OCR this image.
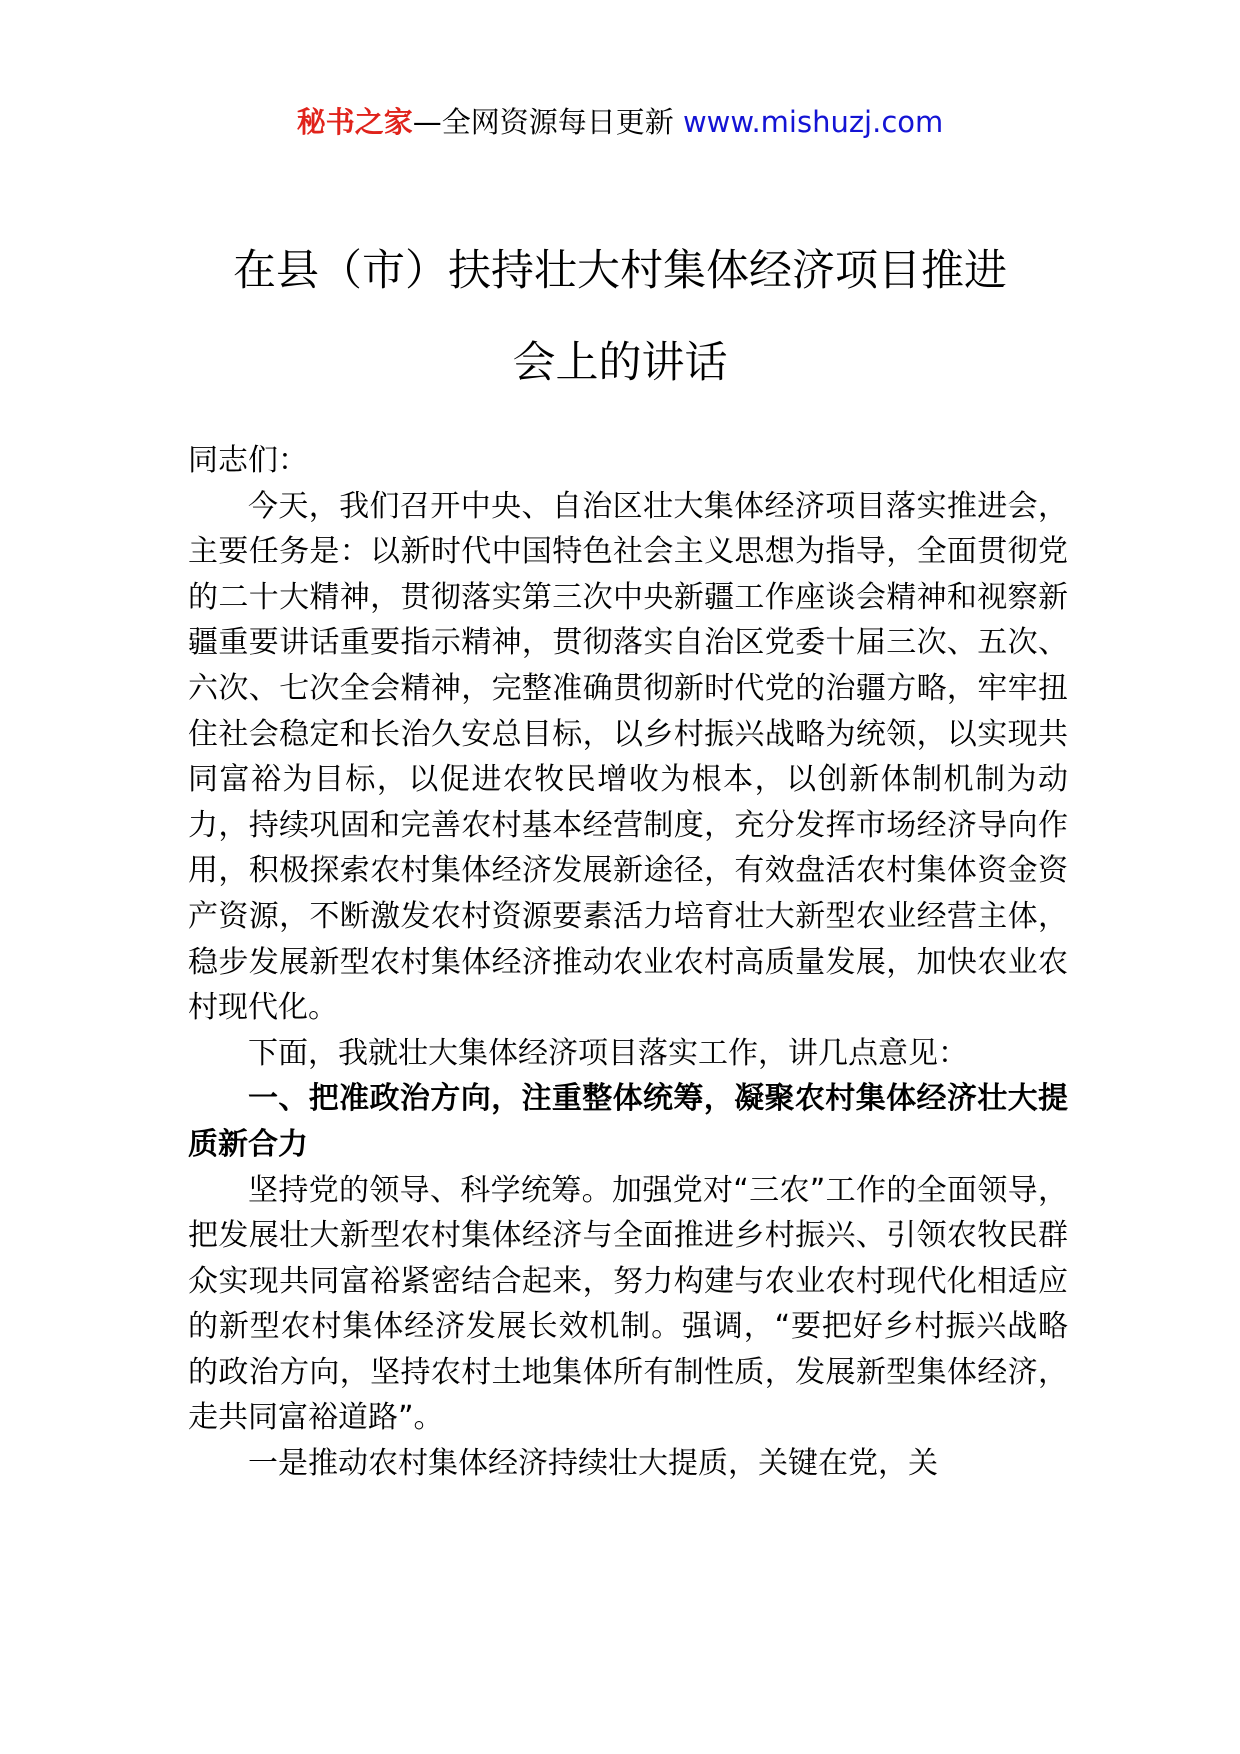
秘书之家—全网资源每日更新 www.mishuzj.com
在县（市）扶持壮大村集体经济项目推进
会上的讲话

同志们：

今天，我们召开中央、自治区壮大集体经济项目落实推进会，主要任务是：以新时代中国特色社会主义思想为指导，全面贯彻党的二十大精神，贯彻落实第三次中央新疆工作座谈会精神和视察新疆重要讲话重要指示精神，贯彻落实自治区党委十届三次、五次、六次、七次全会精神，完整准确贯彻新时代党的治疆方略，牢牢扭住社会稳定和长治久安总目标，以乡村振兴战略为统领，以实现共同富裕为目标，以促进农牧民增收为根本，以创新体制机制为动力，持续巩固和完善农村基本经营制度，充分发挥市场经济导向作用，积极探索农村集体经济发展新途径，有效盘活农村集体资金资产资源，不断激发农村资源要素活力培育壮大新型农业经营主体，稳步发展新型农村集体经济推动农业农村高质量发展，加快农业农村现代化。

下面，我就壮大集体经济项目落实工作，讲几点意见：

一、把准政治方向，注重整体统筹，凝聚农村集体经济壮大提质新合力

坚持党的领导、科学统筹。加强党对“三农”工作的全面领导，把发展壮大新型农村集体经济与全面推进乡村振兴、引领农牧民群众实现共同富裕紧密结合起来，努力构建与农业农村现代化相适应的新型农村集体经济发展长效机制。强调，“要把好乡村振兴战略的政治方向，坚持农村土地集体所有制性质，发展新型集体经济，走共同富裕道路”。

一是推动农村集体经济持续壮大提质，关键在党，关
